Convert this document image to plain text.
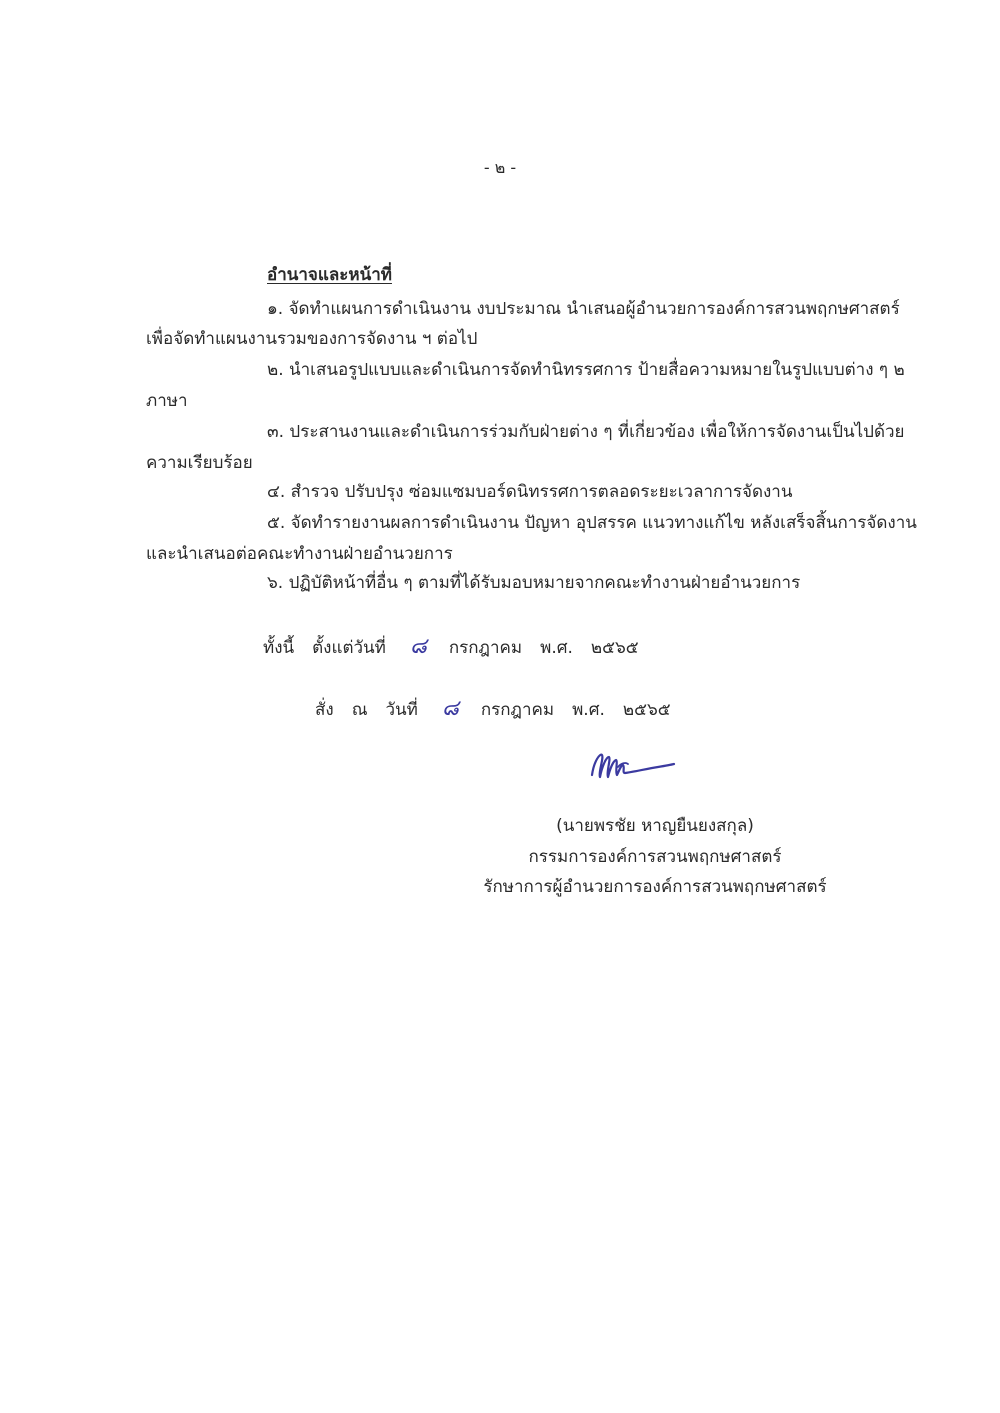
- ๒ -
อำนาจและหน้าที่
๑. จัดทำแผนการดำเนินงาน งบประมาณ นำเสนอผู้อำนวยการองค์การสวนพฤกษศาสตร์
เพื่อจัดทำแผนงานรวมของการจัดงาน ฯ ต่อไป
๒. นำเสนอรูปแบบและดำเนินการจัดทำนิทรรศการ ป้ายสื่อความหมายในรูปแบบต่าง ๆ ๒
ภาษา
๓. ประสานงานและดำเนินการร่วมกับฝ่ายต่าง ๆ ที่เกี่ยวข้อง เพื่อให้การจัดงานเป็นไปด้วย
ความเรียบร้อย
๔. สำรวจ ปรับปรุง ซ่อมแซมบอร์ดนิทรรศการตลอดระยะเวลาการจัดงาน
๕. จัดทำรายงานผลการดำเนินงาน ปัญหา อุปสรรค แนวทางแก้ไข หลังเสร็จสิ้นการจัดงาน
และนำเสนอต่อคณะทำงานฝ่ายอำนวยการ
๖. ปฏิบัติหน้าที่อื่น ๆ ตามที่ได้รับมอบหมายจากคณะทำงานฝ่ายอำนวยการ
ทั้งนี้ ตั้งแต่วันที่ ๘ กรกฎาคม พ.ศ. ๒๕๖๕
สั่ง ณ วันที่ ๘ กรกฎาคม พ.ศ. ๒๕๖๕
(นายพรชัย หาญยืนยงสกุล)
กรรมการองค์การสวนพฤกษศาสตร์
รักษาการผู้อำนวยการองค์การสวนพฤกษศาสตร์
